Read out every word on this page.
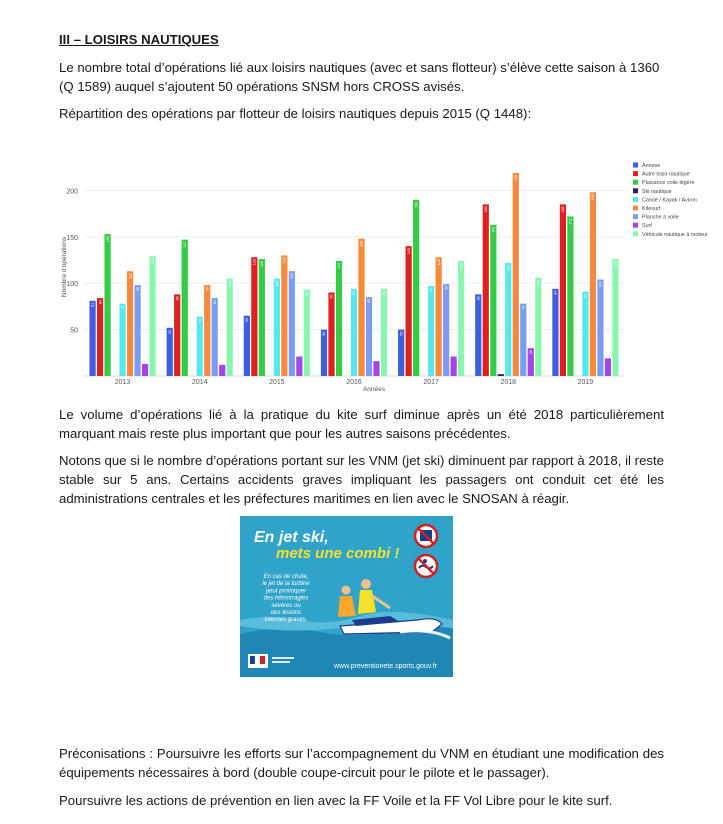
III – LOISIRS NAUTIQUES

Le nombre total d’opérations lié aux loisirs nautiques (avec et sans flotteur) s’élève cette saison à 1360 (Q 1589) auquel s’ajoutent 50 opérations SNSM hors CROSS avisés.

Répartition des opérations par flotteur de loisirs nautiques depuis 2015 (Q 1448):

50
100
150
200
Nombre d'opérations
81
84
153
78
113
98
129
2013
52
88
147
64
98
84
105
2014
65
128 126
105
130
113
93
2015
50
90
124
94
148
85
94
2016
50
140
190
97
128
99
124
2017
88
185
163
122
219
78
30
106
2018
94
185
172
91
198
104
126
2019
Années
Annexe
Autre loisir nautique
Plaisance voile légère
Ski nautique
Canoë / Kayak / Aviron
Kitesurf
Planche à voile
Surf
Véhicule nautique à moteur

Le volume d’opérations lié à la pratique du kite surf diminue après un été 2018 particulièrement marquant mais reste plus important que pour les autres saisons précédentes.

Notons que si le nombre d’opérations portant sur les VNM (jet ski) diminuent par rapport à 2018, il reste stable sur 5 ans. Certains accidents graves impliquant les passagers ont conduit cet été les administrations centrales et les préfectures maritimes en lien avec le SNOSAN à réagir.

En jet ski,
mets une combi !
En cas de chute,
le jet de la turbine
peut provoquer
des hémorragies
sévères ou
des lésions
internes graves.
www.preventionete.sports.gouv.fr

Préconisations : Poursuivre les efforts sur l’accompagnement du VNM en étudiant une modification des équipements nécessaires à bord (double coupe-circuit pour le pilote et le passager).

Poursuivre les actions de prévention en lien avec la FF Voile et la FF Vol Libre pour le kite surf.
